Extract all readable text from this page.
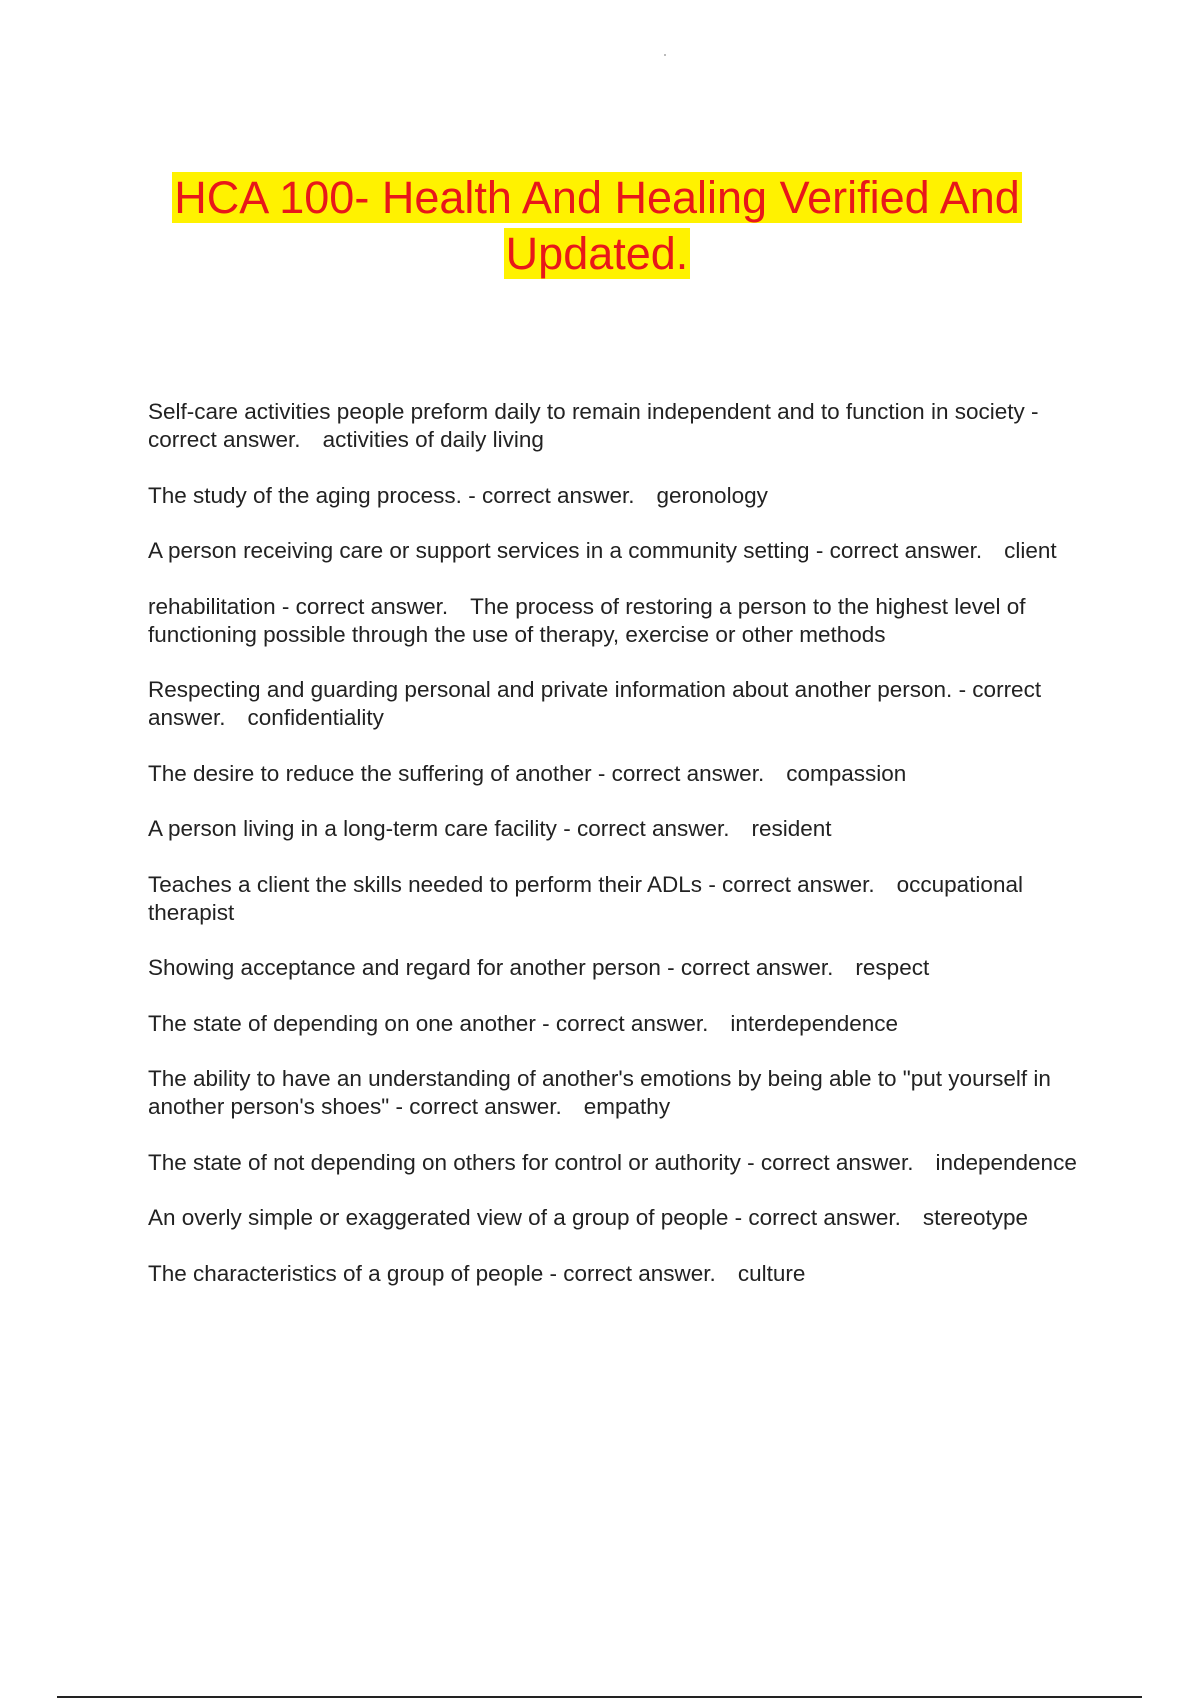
HCA 100- Health And Healing Verified And
Updated.
Self-care activities people preform daily to remain independent and to function in society - correct answer. activities of daily living
The study of the aging process. - correct answer. geronology
A person receiving care or support services in a community setting - correct answer. client
rehabilitation - correct answer. The process of restoring a person to the highest level of functioning possible through the use of therapy, exercise or other methods
Respecting and guarding personal and private information about another person. - correct answer. confidentiality
The desire to reduce the suffering of another - correct answer. compassion
A person living in a long-term care facility - correct answer. resident
Teaches a client the skills needed to perform their ADLs - correct answer. occupational therapist
Showing acceptance and regard for another person - correct answer. respect
The state of depending on one another - correct answer. interdependence
The ability to have an understanding of another's emotions by being able to "put yourself in another person's shoes" - correct answer. empathy
The state of not depending on others for control or authority - correct answer. independence
An overly simple or exaggerated view of a group of people - correct answer. stereotype
The characteristics of a group of people - correct answer. culture
